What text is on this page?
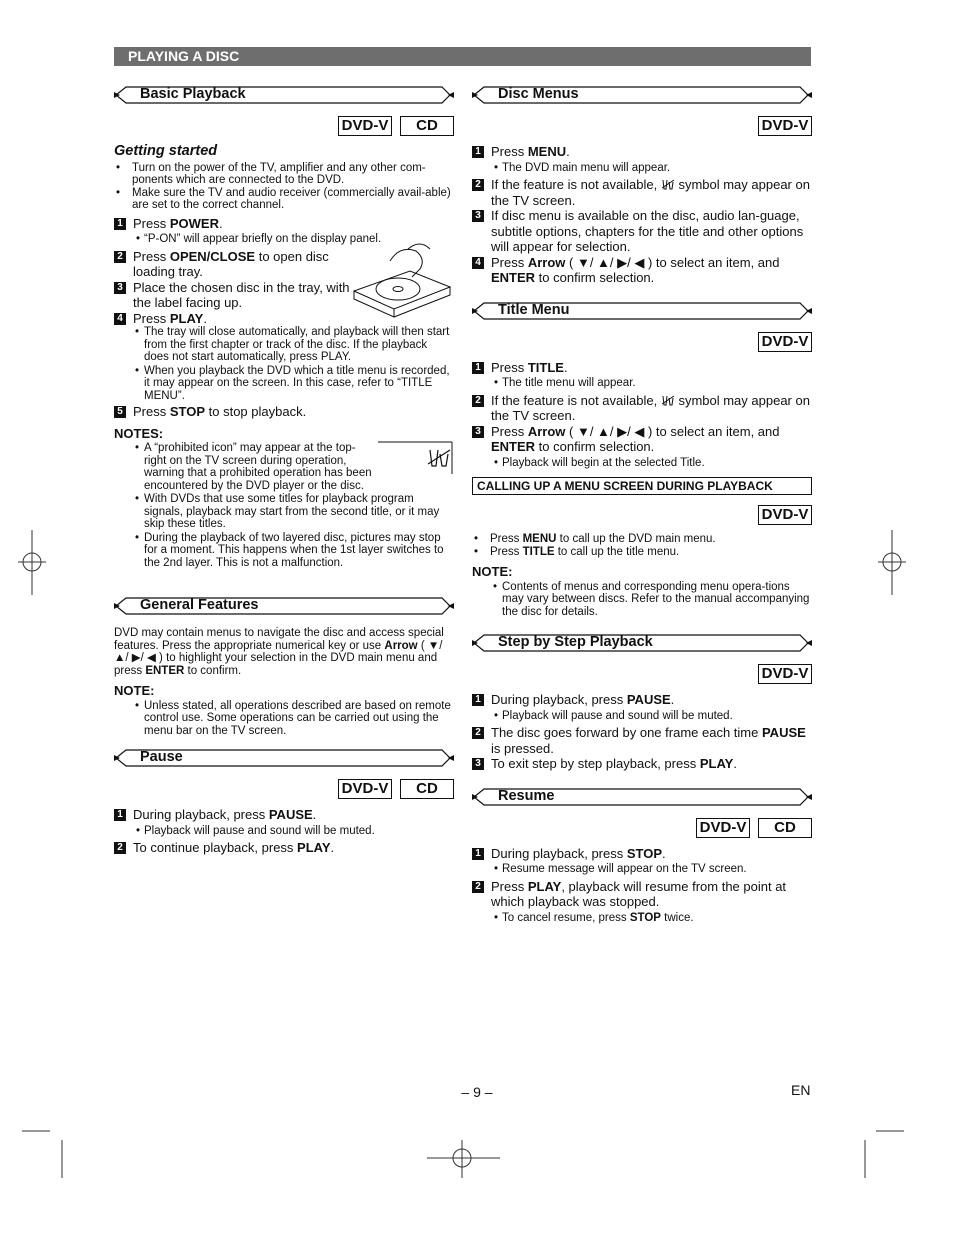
PLAYING A DISC
Basic Playback
DVD-V	CD
Getting started
• Turn on the power of the TV, amplifier and any other com-ponents which are connected to the DVD.
• Make sure the TV and audio receiver (commercially avail-able) are set to the correct channel.

1 Press POWER.

• “P-ON” will appear briefly on the display panel.

2 Press OPEN/CLOSE to open disc loading tray.

3 Place the chosen disc in the tray, with the label facing up.

4 Press PLAY.

• The tray will close automatically, and playback will then start from the first chapter or track of the disc. If the playback does not start automatically, press PLAY.
• When you playback the DVD which a title menu is recorded, it may appear on the screen. In this case, refer to “TITLE MENU”.

5 Press STOP to stop playback.

NOTES:
• A “prohibited icon” may appear at the top-right on the TV screen during operation, warning that a prohibited operation has been encountered by the DVD player or the disc.
• With DVDs that use some titles for playback program signals, playback may start from the second title, or it may skip these titles.
• During the playback of two layered disc, pictures may stop for a moment. This happens when the 1st layer switches to the 2nd layer. This is not a malfunction.
General Features

DVD may contain menus to navigate the disc and access special features. Press the appropriate numerical key or use Arrow ( ▼/ ▲/ ▶/ ◀ ) to highlight your selection in the DVD main menu and press ENTER to confirm.

NOTE:
• Unless stated, all operations described are based on remote control use. Some operations can be carried out using the menu bar on the TV screen.
Pause
DVD-V	CD

1 During playback, press PAUSE.

• Playback will pause and sound will be muted.

2 To continue playback, press PLAY.

Disc Menus
DVD-V

1 Press MENU.

• The DVD main menu will appear.

2 If the feature is not available,  symbol may appear on the TV screen.

3 If disc menu is available on the disc, audio lan-guage, subtitle options, chapters for the title and other options will appear for selection.

4 Press Arrow ( ▼/ ▲/ ▶/ ◀ ) to select an item, and ENTER to confirm selection.

Title Menu
DVD-V

1 Press TITLE.

• The title menu will appear.

2 If the feature is not available,  symbol may appear on the TV screen.

3 Press Arrow ( ▼/ ▲/ ▶/ ◀ ) to select an item, and ENTER to confirm selection.

• Playback will begin at the selected Title.
CALLING UP A MENU SCREEN DURING PLAYBACK
DVD-V
• Press MENU to call up the DVD main menu.
• Press TITLE to call up the title menu.
NOTE:
• Contents of menus and corresponding menu opera-tions may vary between discs. Refer to the manual accompanying the disc for details.
Step by Step Playback
DVD-V

1 During playback, press PAUSE.

• Playback will pause and sound will be muted.

2 The disc goes forward by one frame each time PAUSE is pressed.

3 To exit step by step playback, press PLAY.

Resume
DVD-V	CD

1 During playback, press STOP.

• Resume message will appear on the TV screen.

2 Press PLAY, playback will resume from the point at which playback was stopped.

• To cancel resume, press STOP twice.
– 9 –	EN
